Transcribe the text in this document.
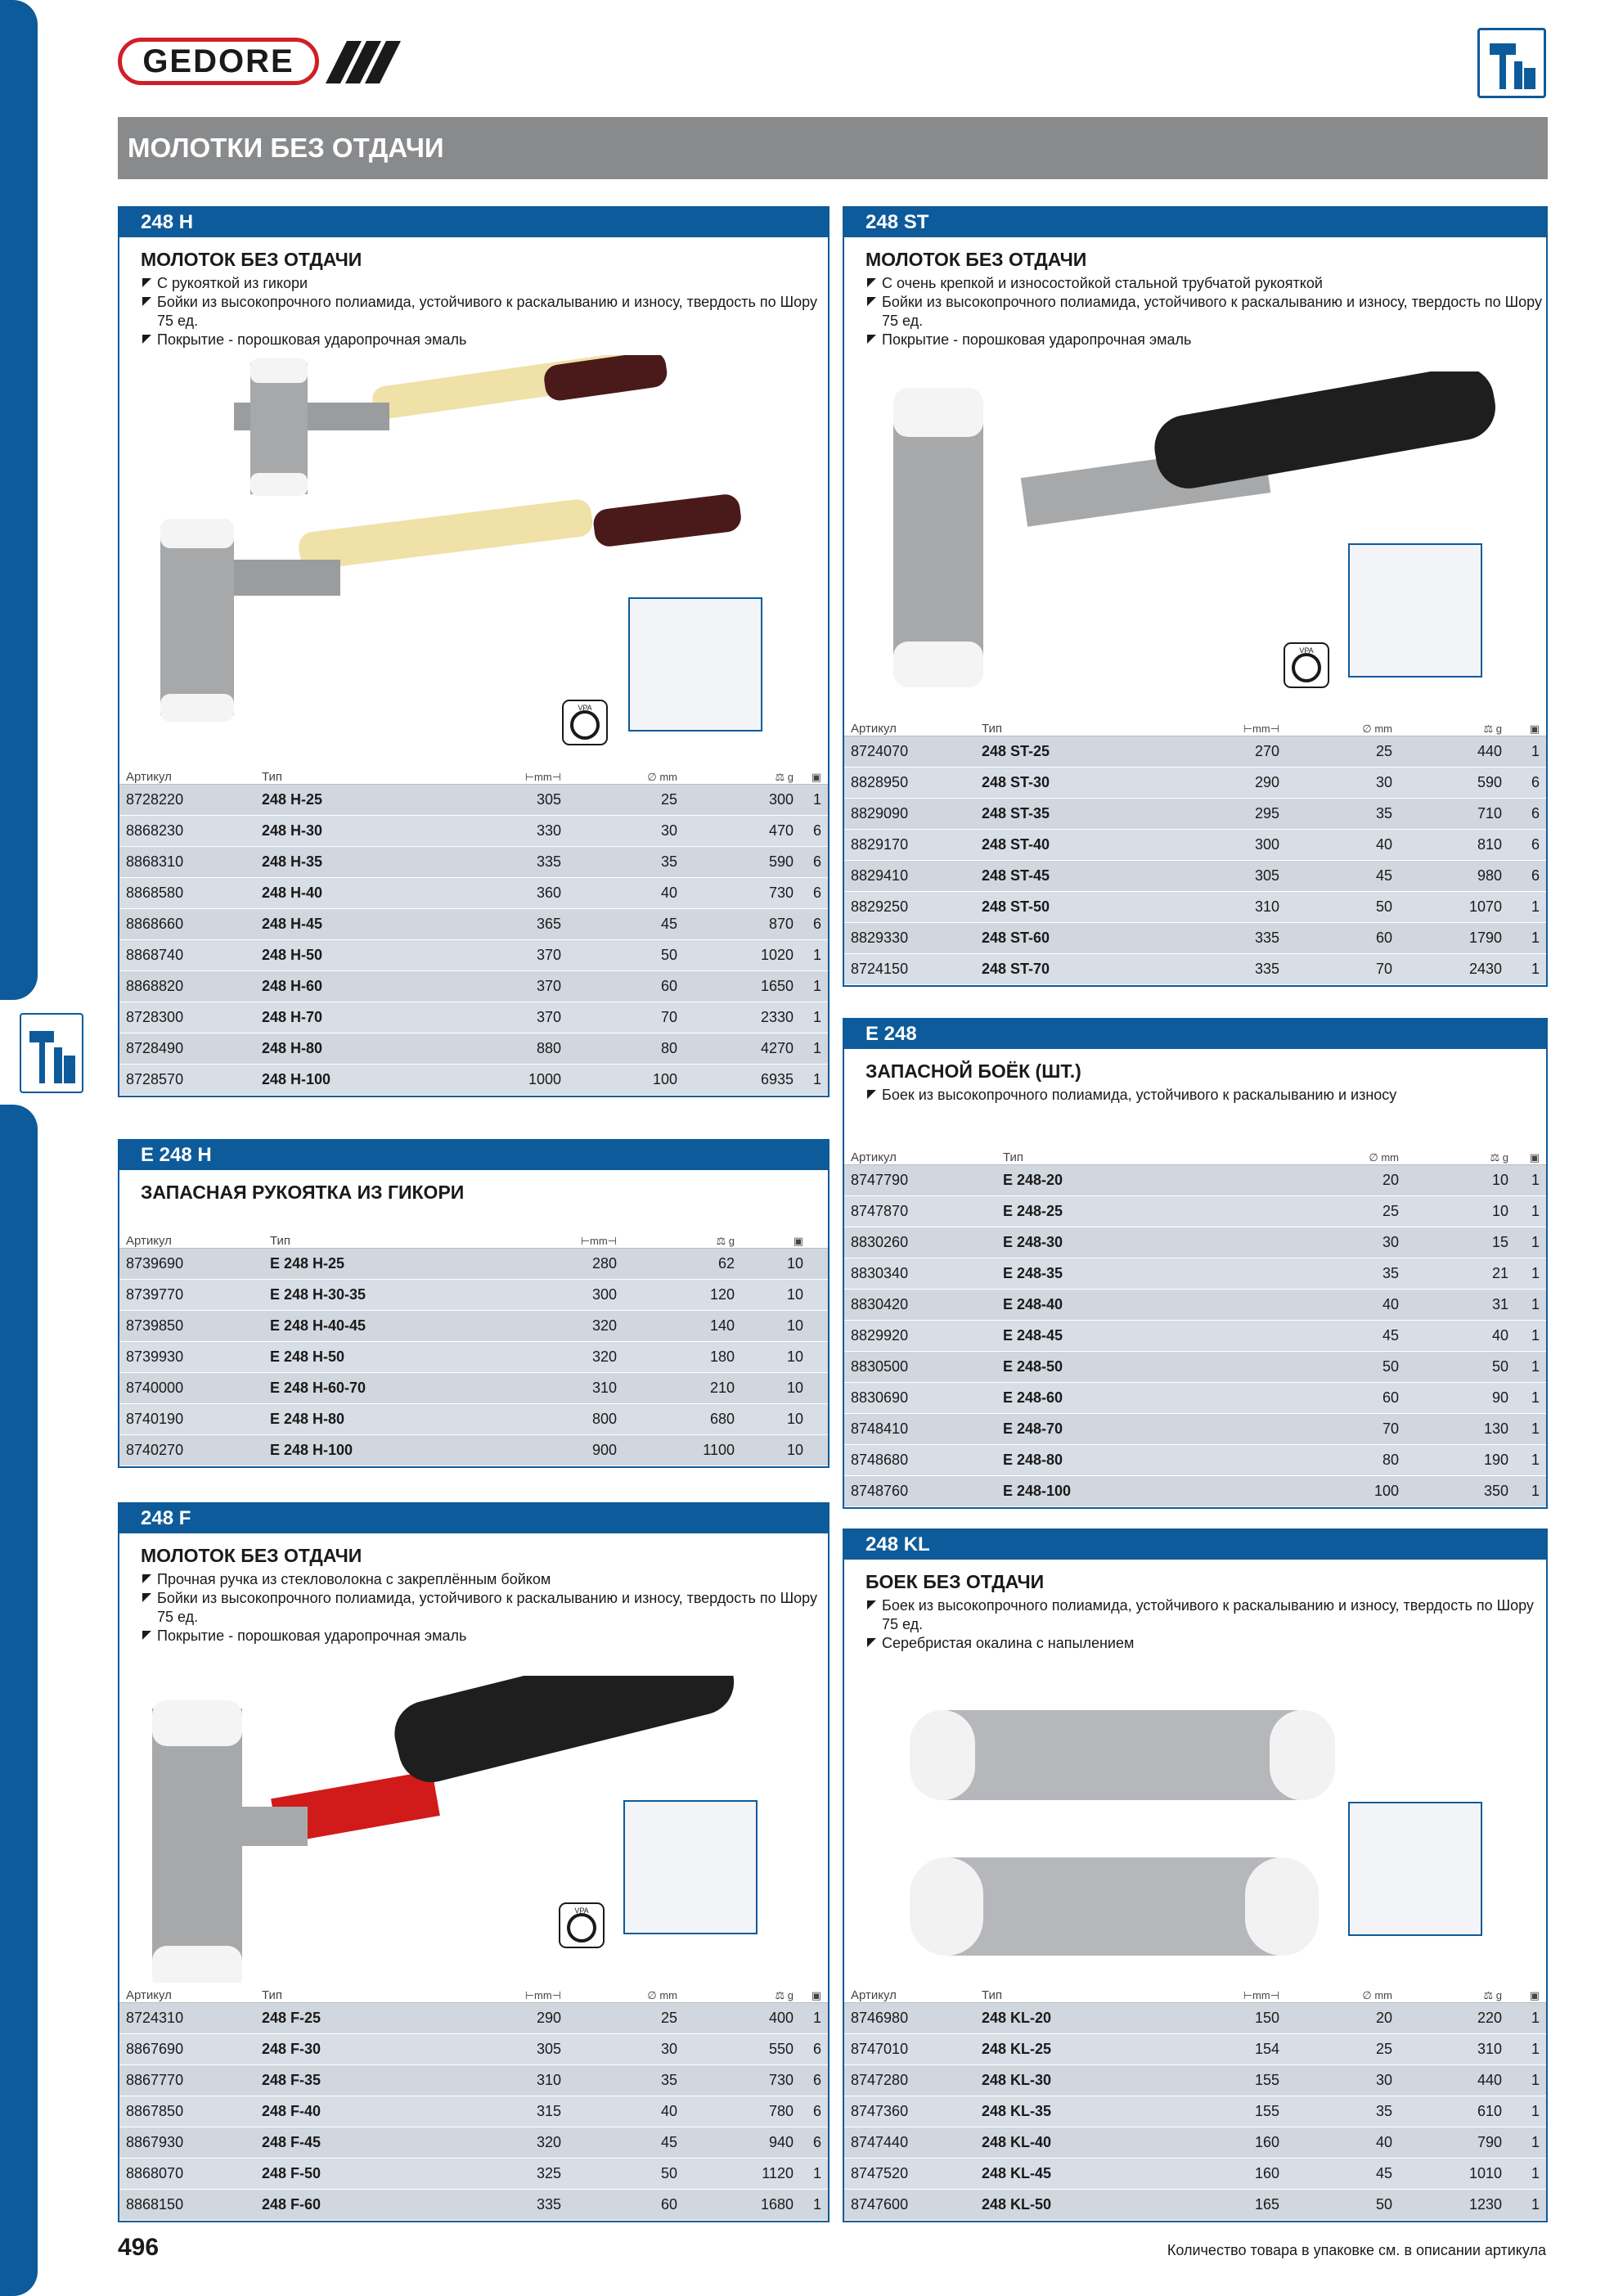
GEDORE
МОЛОТКИ БЕЗ ОТДАЧИ
248 H
МОЛОТОК БЕЗ ОТДАЧИ
С рукояткой из гикори
Бойки из высокопрочного полиамида, устойчивого к раскалыванию и износу, твердость по Шору 75 ед.
Покрытие - порошковая ударопрочная эмаль
VPA
Артикул	Тип	⊢mm⊣	∅ mm	⚖ g	▣
8728220	248 H-25	305	25	300	1
8868230	248 H-30	330	30	470	6
8868310	248 H-35	335	35	590	6
8868580	248 H-40	360	40	730	6
8868660	248 H-45	365	45	870	6
8868740	248 H-50	370	50	1020	1
8868820	248 H-60	370	60	1650	1
8728300	248 H-70	370	70	2330	1
8728490	248 H-80	880	80	4270	1
8728570	248 H-100	1000	100	6935	1
248 ST
МОЛОТОК БЕЗ ОТДАЧИ
С очень крепкой и износостойкой стальной трубчатой рукояткой
Бойки из высокопрочного полиамида, устойчивого к раскалыванию и износу, твердость по Шору 75 ед.
Покрытие - порошковая ударопрочная эмаль
VPA
Артикул	Тип	⊢mm⊣	∅ mm	⚖ g	▣
8724070	248 ST-25	270	25	440	1
8828950	248 ST-30	290	30	590	6
8829090	248 ST-35	295	35	710	6
8829170	248 ST-40	300	40	810	6
8829410	248 ST-45	305	45	980	6
8829250	248 ST-50	310	50	1070	1
8829330	248 ST-60	335	60	1790	1
8724150	248 ST-70	335	70	2430	1
E 248 H
ЗАПАСНАЯ РУКОЯТКА ИЗ ГИКОРИ
Артикул	Тип	⊢mm⊣	⚖ g	▣
8739690	E 248 H-25	280	62	10
8739770	E 248 H-30-35	300	120	10
8739850	E 248 H-40-45	320	140	10
8739930	E 248 H-50	320	180	10
8740000	E 248 H-60-70	310	210	10
8740190	E 248 H-80	800	680	10
8740270	E 248 H-100	900	1100	10
E 248
ЗАПАСНОЙ БОЁК (ШТ.)
Боек из высокопрочного полиамида, устойчивого к раскалыванию и износу
Артикул	Тип	∅ mm	⚖ g	▣
8747790	E 248-20	20	10	1
8747870	E 248-25	25	10	1
8830260	E 248-30	30	15	1
8830340	E 248-35	35	21	1
8830420	E 248-40	40	31	1
8829920	E 248-45	45	40	1
8830500	E 248-50	50	50	1
8830690	E 248-60	60	90	1
8748410	E 248-70	70	130	1
8748680	E 248-80	80	190	1
8748760	E 248-100	100	350	1
248 F
МОЛОТОК БЕЗ ОТДАЧИ
Прочная ручка из стекловолокна с закреплённым бойком
Бойки из высокопрочного полиамида, устойчивого к раскалыванию и износу, твердость по Шору 75 ед.
Покрытие - порошковая ударопрочная эмаль
VPA
Артикул	Тип	⊢mm⊣	∅ mm	⚖ g	▣
8724310	248 F-25	290	25	400	1
8867690	248 F-30	305	30	550	6
8867770	248 F-35	310	35	730	6
8867850	248 F-40	315	40	780	6
8867930	248 F-45	320	45	940	6
8868070	248 F-50	325	50	1120	1
8868150	248 F-60	335	60	1680	1
248 KL
БОЕК БЕЗ ОТДАЧИ
Боек из высокопрочного полиамида, устойчивого к раскалыванию и износу, твердость по Шору 75 ед.
Серебристая окалина с напылением
Артикул	Тип	⊢mm⊣	∅ mm	⚖ g	▣
8746980	248 KL-20	150	20	220	1
8747010	248 KL-25	154	25	310	1
8747280	248 KL-30	155	30	440	1
8747360	248 KL-35	155	35	610	1
8747440	248 KL-40	160	40	790	1
8747520	248 KL-45	160	45	1010	1
8747600	248 KL-50	165	50	1230	1
496	Количество товара в упаковке см. в описании артикула
